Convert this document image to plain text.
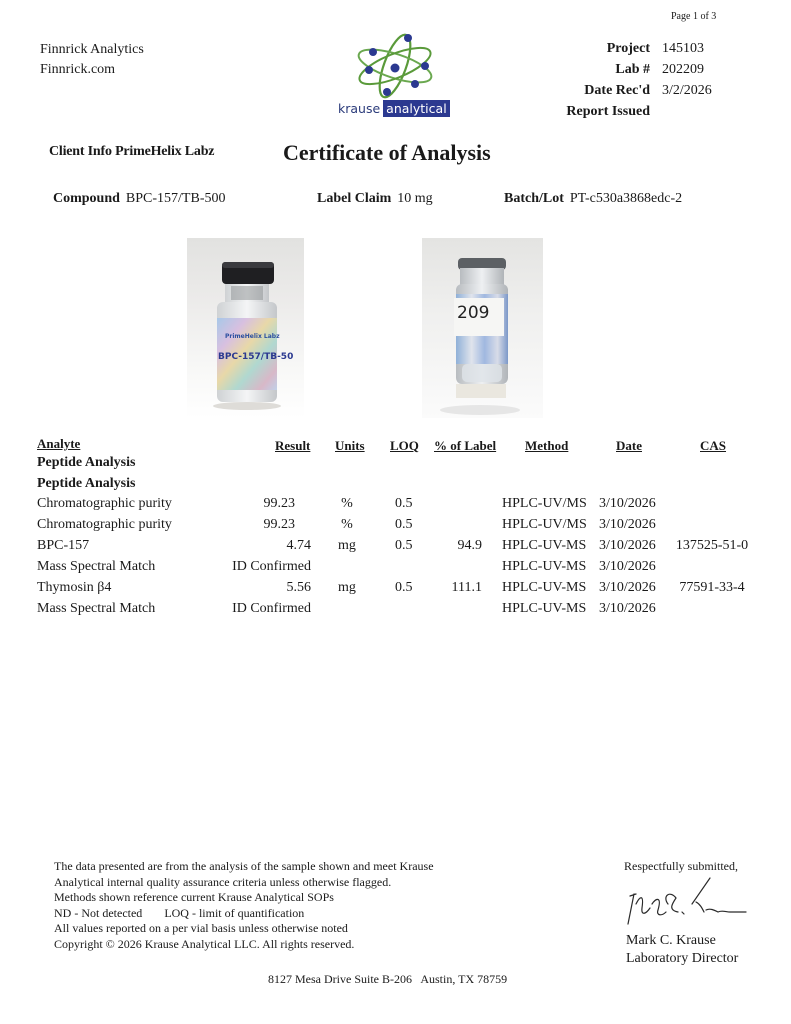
Page 1 of 3
Finnrick Analytics
Finnrick.com
krause analytical
Project 145103
Lab # 202209
Date Rec'd 3/2/2026
Report Issued
Client Info PrimeHelix Labz	Certificate of Analysis
Compound BPC-157/TB-500	Label Claim 10 mg	Batch/Lot PT-c530a3868edc-2
PrimeHelix Labz
BPC-157/TB-50
209
Analyte	Result Units LOQ % of Label Method	Date	CAS
Peptide Analysis
Peptide Analysis
Chromatographic purity	99.23	%	0.5	HPLC-UV/MS 3/10/2026
Chromatographic purity	99.23	%	0.5	HPLC-UV/MS 3/10/2026
BPC-157	4.74 mg	0.5	94.9 HPLC-UV-MS 3/10/2026	137525-51-0
Mass Spectral Match	ID Confirmed	HPLC-UV-MS 3/10/2026
Thymosin β4	5.56 mg	0.5	111.1 HPLC-UV-MS 3/10/2026	77591-33-4
Mass Spectral Match	ID Confirmed	HPLC-UV-MS 3/10/2026
The data presented are from the analysis of the sample shown and meet Krause
Analytical internal quality assurance criteria unless otherwise flagged.
Methods shown reference current Krause Analytical SOPs
ND - Not detected LOQ - limit of quantification
All values reported on a per vial basis unless otherwise noted
Copyright © 2026 Krause Analytical LLC. All rights reserved.
Respectfully submitted,
Mark C. Krause
Laboratory Director
8127 Mesa Drive Suite B-206   Austin, TX 78759
